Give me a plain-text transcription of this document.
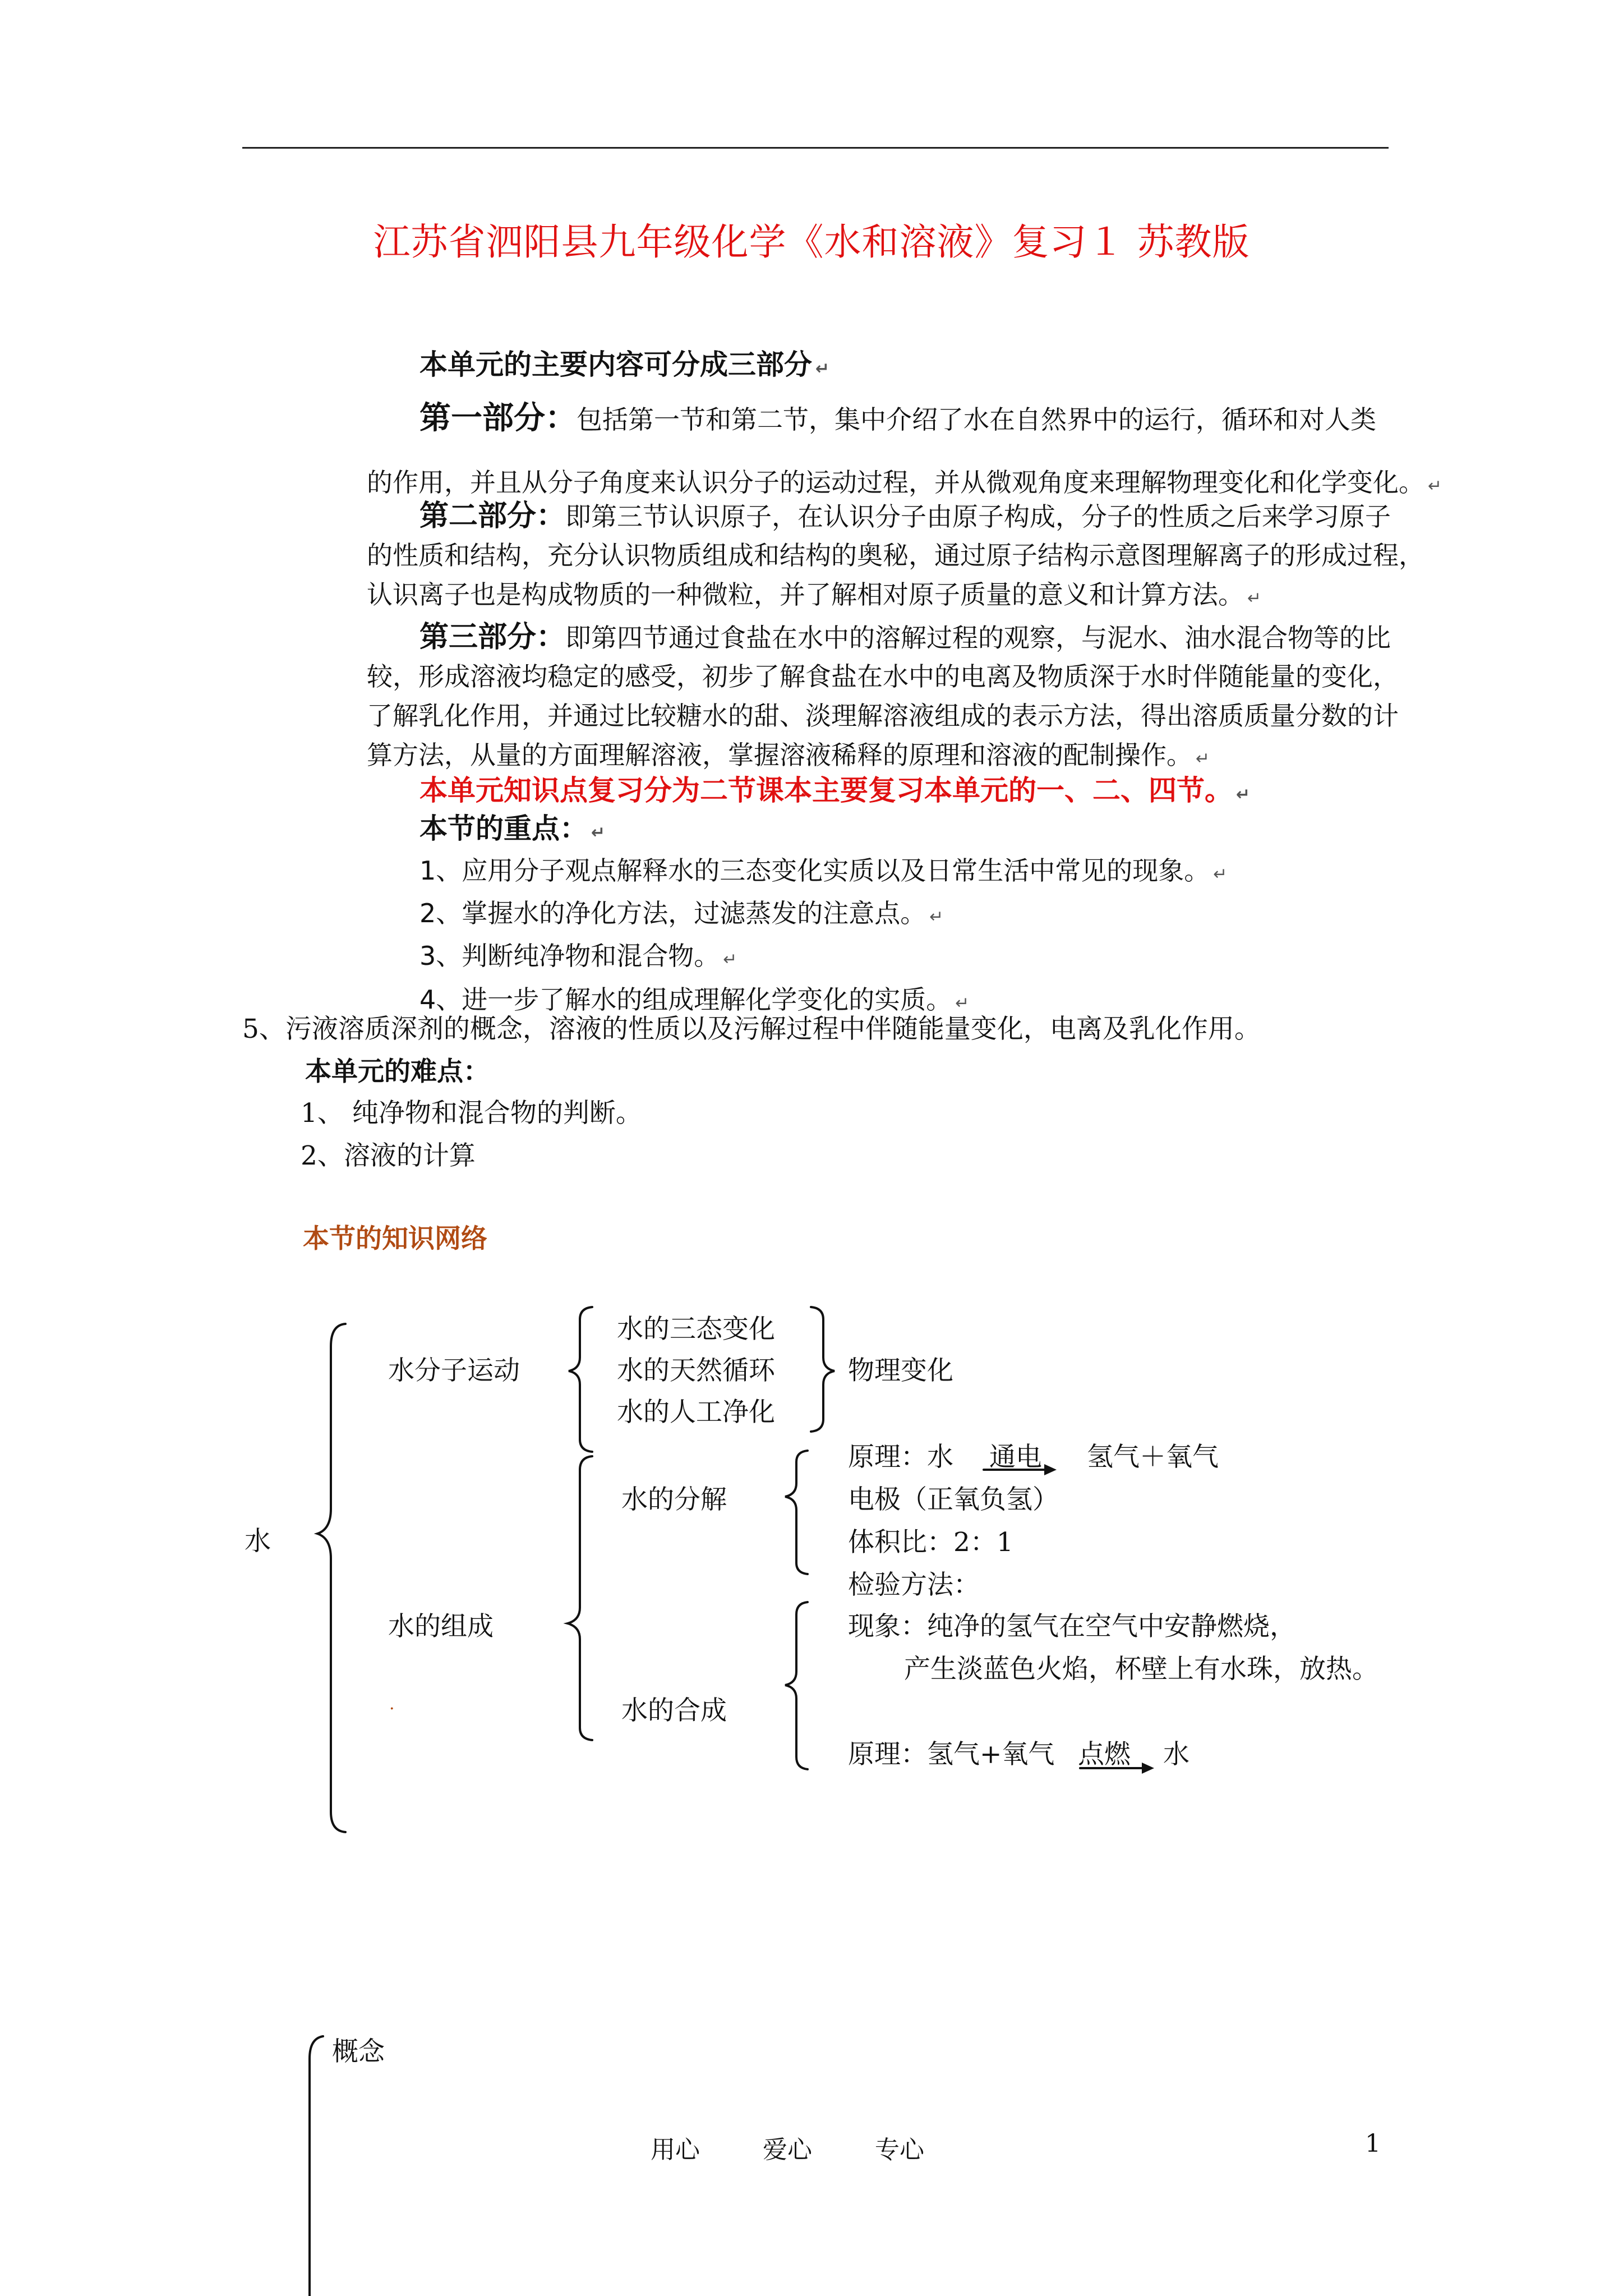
江苏省泗阳县九年级化学《水和溶液》复习１ 苏教版
本单元的主要内容可分成三部分 ↵
第一部分：包括第一节和第二节，集中介绍了水在自然界中的运行，循环和对人类
的作用，并且从分子角度来认识分子的运动过程，并从微观角度来理解物理变化和化学变化。 ↵
第二部分：即第三节认识原子，在认识分子由原子构成，分子的性质之后来学习原子
的性质和结构，充分认识物质组成和结构的奥秘，通过原子结构示意图理解离子的形成过程，
认识离子也是构成物质的一种微粒，并了解相对原子质量的意义和计算方法。 ↵
第三部分：即第四节通过食盐在水中的溶解过程的观察，与泥水、油水混合物等的比
较，形成溶液均稳定的感受，初步了解食盐在水中的电离及物质深于水时伴随能量的变化，
了解乳化作用，并通过比较糖水的甜、淡理解溶液组成的表示方法，得出溶质质量分数的计
算方法，从量的方面理解溶液，掌握溶液稀释的原理和溶液的配制操作。 ↵
本单元知识点复习分为二节课本主要复习本单元的一、二、四节。 ↵
本节的重点： ↵
1、应用分子观点解释水的三态变化实质以及日常生活中常见的现象。 ↵
2、掌握水的净化方法，过滤蒸发的注意点。 ↵
3、判断纯净物和混合物。 ↵
4、进一步了解水的组成理解化学变化的实质。 ↵
5、污液溶质深剂的概念，溶液的性质以及污解过程中伴随能量变化，电离及乳化作用。
本单元的难点：
1、 纯净物和混合物的判断。
2、溶液的计算
本节的知识网络
水
水分子运动
水的三态变化
水的天然循环
水的人工净化
物理变化
水的组成
水的分解
原理：水 通电 氢气＋氧气
电极（正氧负氢）
体积比：2：1
检验方法：
现象：纯净的氢气在空气中安静燃烧，
产生淡蓝色火焰，杯壁上有水珠，放热。
水的合成
.
原理：氢气+氧气 点燃 水
概念
用心	爱心	专心	1
